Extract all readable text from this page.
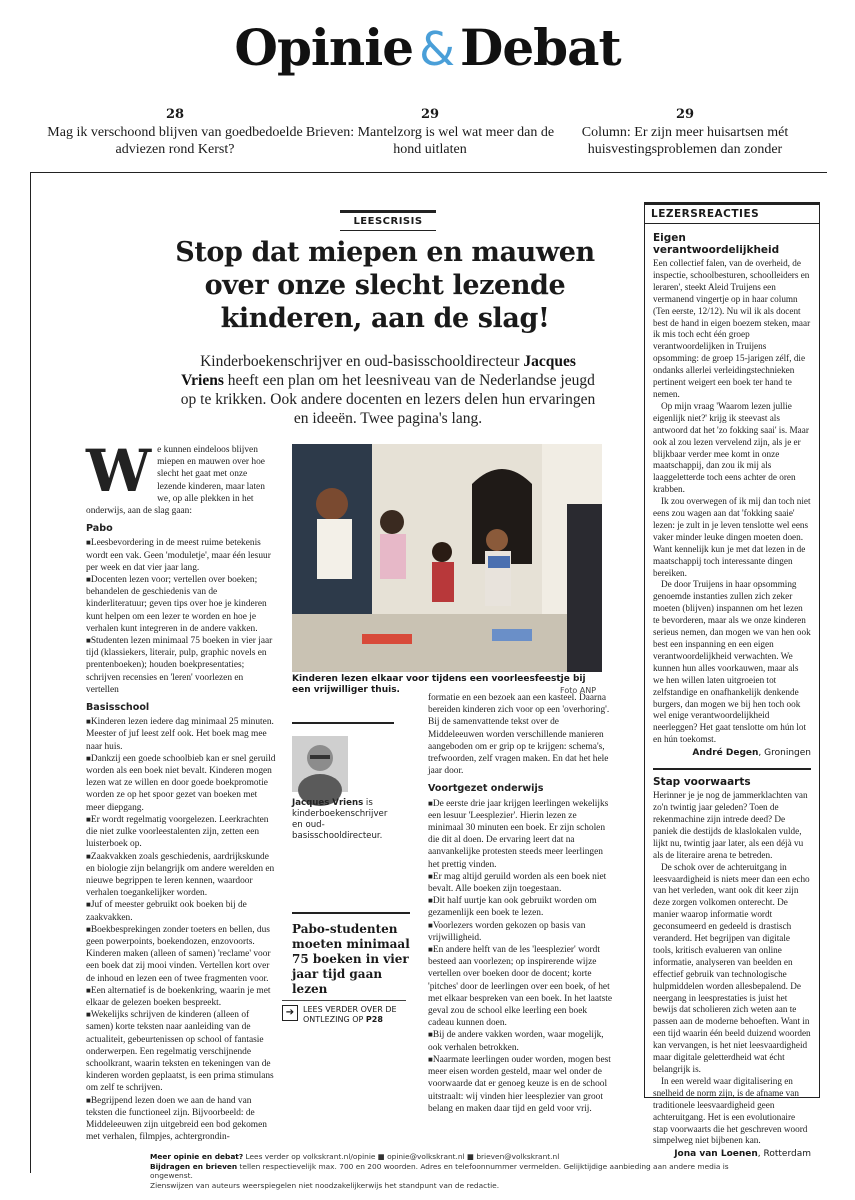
Opinie & Debat
28
Mag ik verschoond blijven van goedbedoelde adviezen rond Kerst?
29
Brieven: Mantelzorg is wel wat meer dan de hond uitlaten
29
Column: Er zijn meer huisartsen mét huisvestingsproblemen dan zonder
LEESCRISIS
Stop dat miepen en mauwen over onze slecht lezende kinderen, aan de slag!
Kinderboekenschrijver en oud-basisschooldirecteur Jacques Vriens heeft een plan om het leesniveau van de Nederlandse jeugd op te krikken. Ook andere docenten en lezers delen hun ervaringen en ideeën. Twee pagina's lang.

We kunnen eindeloos blijven miepen en mauwen over hoe slecht het gaat met onze lezende kinderen, maar laten we, op alle plekken in het onderwijs, aan de slag gaan:

Pabo

■ Leesbevordering in de meest ruime betekenis wordt een vak. Geen 'moduletje', maar één lesuur per week en dat vier jaar lang.

■ Docenten lezen voor; vertellen over boeken; behandelen de geschiedenis van de kinderliteratuur; geven tips over hoe je kinderen kunt helpen om een lezer te worden en hoe je verhalen kunt integreren in de andere vakken.

■ Studenten lezen minimaal 75 boeken in vier jaar tijd (klassiekers, literair, pulp, graphic novels en prentenboeken); houden boekpresentaties; schrijven recensies en 'leren' voorlezen en vertellen

Basisschool

■ Kinderen lezen iedere dag minimaal 25 minuten. Meester of juf leest zelf ook. Het boek mag mee naar huis.

■ Dankzij een goede schoolbieb kan er snel geruild worden als een boek niet bevalt. Kinderen mogen lezen wat ze willen en door goede boekpromotie worden ze op het spoor gezet van boeken met meer diepgang.

■ Er wordt regelmatig voorgelezen. Leerkrachten die niet zulke voorleestalenten zijn, zetten een luisterboek op.

■ Zaakvakken zoals geschiedenis, aardrijkskunde en biologie zijn belangrijk om andere werelden en nieuwe begrippen te leren kennen, waardoor verhalen toegankelijker worden.

■ Juf of meester gebruikt ook boeken bij de zaakvakken.

■ Boekbesprekingen zonder toeters en bellen, dus geen powerpoints, boekendozen, enzovoorts. Kinderen maken (alleen of samen) 'reclame' voor een boek dat zij mooi vinden. Vertellen kort over de inhoud en lezen een of twee fragmenten voor.

■ Een alternatief is de boekenkring, waarin je met elkaar de gelezen boeken bespreekt.

■ Wekelijks schrijven de kinderen (alleen of samen) korte teksten naar aanleiding van de actualiteit, gebeurtenissen op school of fantasie onderwerpen. Een regelmatig verschijnende schoolkrant, waarin teksten en tekeningen van de kinderen worden geplaatst, is een prima stimulans om zelf te schrijven.

■ Begrijpend lezen doen we aan de hand van teksten die functioneel zijn. Bijvoorbeeld: de Middeleeuwen zijn uitgebreid een bod gekomen met verhalen, filmpjes, achtergrondin-

Kinderen lezen elkaar voor tijdens een voorleesfeestje bij een vrijwilliger thuis.	Foto ANP
Jacques Vriens is kinderboekenschrijver en oud-basisschooldirecteur.
Pabo-studenten moeten minimaal 75 boeken in vier jaar tijd gaan lezen
➔	LEES VERDER OVER DE ONTLEZING OP P28

formatie en een bezoek aan een kasteel. Daarna bereiden kinderen zich voor op een 'overhoring'. Bij de samenvattende tekst over de Middeleeuwen worden verschillende manieren aangeboden om er grip op te krijgen: schema's, trefwoorden, zelf vragen maken. En dat het hele jaar door.

Voortgezet onderwijs

■ De eerste drie jaar krijgen leerlingen wekelijks een lesuur 'Leesplezier'. Hierin lezen ze minimaal 30 minuten een boek. Er zijn scholen die dit al doen. De ervaring leert dat na aanvankelijke protesten steeds meer leerlingen het prettig vinden.

■ Er mag altijd geruild worden als een boek niet bevalt. Alle boeken zijn toegestaan.

■ Dit half uurtje kan ook gebruikt worden om gezamenlijk een boek te lezen.

■ Voorlezers worden gekozen op basis van vrijwilligheid.

■ En andere helft van de les 'leesplezier' wordt besteed aan voorlezen; op inspirerende wijze vertellen over boeken door de docent; korte 'pitches' door de leerlingen over een boek, of het met elkaar bespreken van een boek. In het laatste geval zou de school elke leerling een boek cadeau kunnen doen.

■ Bij de andere vakken worden, waar mogelijk, ook verhalen betrokken.

■ Naarmate leerlingen ouder worden, mogen best meer eisen worden gesteld, maar wel onder de voorwaarde dat er genoeg keuze is en de school uitstraalt: wij vinden hier leesplezier van groot belang en maken daar tijd en geld voor vrij.

LEZERSREACTIES
Eigen verantwoordelijkheid

Een collectief falen, van de overheid, de inspectie, schoolbesturen, schoolleiders en leraren', steekt Aleid Truijens een vermanend vingertje op in haar column (Ten eerste, 12/12). Nu wil ik als docent best de hand in eigen boezem steken, maar ik mis toch echt één groep verantwoordelijken in Truijens opsomming: de groep 15-jarigen zélf, die ondanks allerlei verleidingstechnieken pertinent weigert een boek ter hand te nemen.

Op mijn vraag 'Waarom lezen jullie eigenlijk niet?' krijg ik steevast als antwoord dat het 'zo fokking saai' is. Maar ook al zou lezen vervelend zijn, als je er blijkbaar verder mee komt in onze maatschappij, dan zou ik mij als laaggeletterde toch eens achter de oren krabben.

Ik zou overwegen of ik mij dan toch niet eens zou wagen aan dat 'fokking saaie' lezen: je zult in je leven tenslotte wel eens vaker minder leuke dingen moeten doen. Want kennelijk kun je met dat lezen in de maatschappij toch interessante dingen bereiken.

De door Truijens in haar opsomming genoemde instanties zullen zich zeker moeten (blijven) inspannen om het lezen te bevorderen, maar als we onze kinderen serieus nemen, dan mogen we van hen ook best een inspanning en een eigen verantwoordelijkheid verwachten. We kunnen hun alles voorkauwen, maar als we hen willen laten uitgroeien tot zelfstandige en onafhankelijk denkende burgers, dan mogen we bij hen toch ook wel enige verantwoordelijkheid neerleggen? Het gaat tenslotte om hún lot en hún toekomst.

André Degen, Groningen
Stap voorwaarts

Herinner je je nog de jammerklachten van zo'n twintig jaar geleden? Toen de rekenmachine zijn intrede deed? De paniek die destijds de klaslokalen vulde, lijkt nu, twintig jaar later, als een déjà vu als de literaire arena te betreden.

De schok over de achteruitgang in leesvaardigheid is niets meer dan een echo van het verleden, want ook dit keer zijn deze zorgen volkomen onterecht. De manier waarop informatie wordt geconsumeerd en gedeeld is drastisch veranderd. Het begrijpen van digitale tools, kritisch evalueren van online informatie, analyseren van beelden en effectief gebruik van technologische hulpmiddelen worden allesbepalend. De neergang in leesprestaties is juist het bewijs dat scholieren zich weten aan te passen aan de moderne behoeften. Want in een tijd waarin één beeld duizend woorden kan vervangen, is het niet leesvaardigheid maar digitale geletterdheid wat écht belangrijk is.

In een wereld waar digitalisering en snelheid de norm zijn, is de afname van traditionele leesvaardigheid geen achteruitgang. Het is een evolutionaire stap voorwaarts die het geschreven woord simpelweg niet bijbenen kan.

Jona van Loenen, Rotterdam
Meer opinie en debat? Lees verder op volkskrant.nl/opinie ■ opinie@volkskrant.nl ■ brieven@volkskrant.nl
Bijdragen en brieven tellen respectievelijk max. 700 en 200 woorden. Adres en telefoonnummer vermelden. Gelijktijdige aanbieding aan andere media is ongewenst.
Zienswijzen van auteurs weerspiegelen niet noodzakelijkerwijs het standpunt van de redactie.
